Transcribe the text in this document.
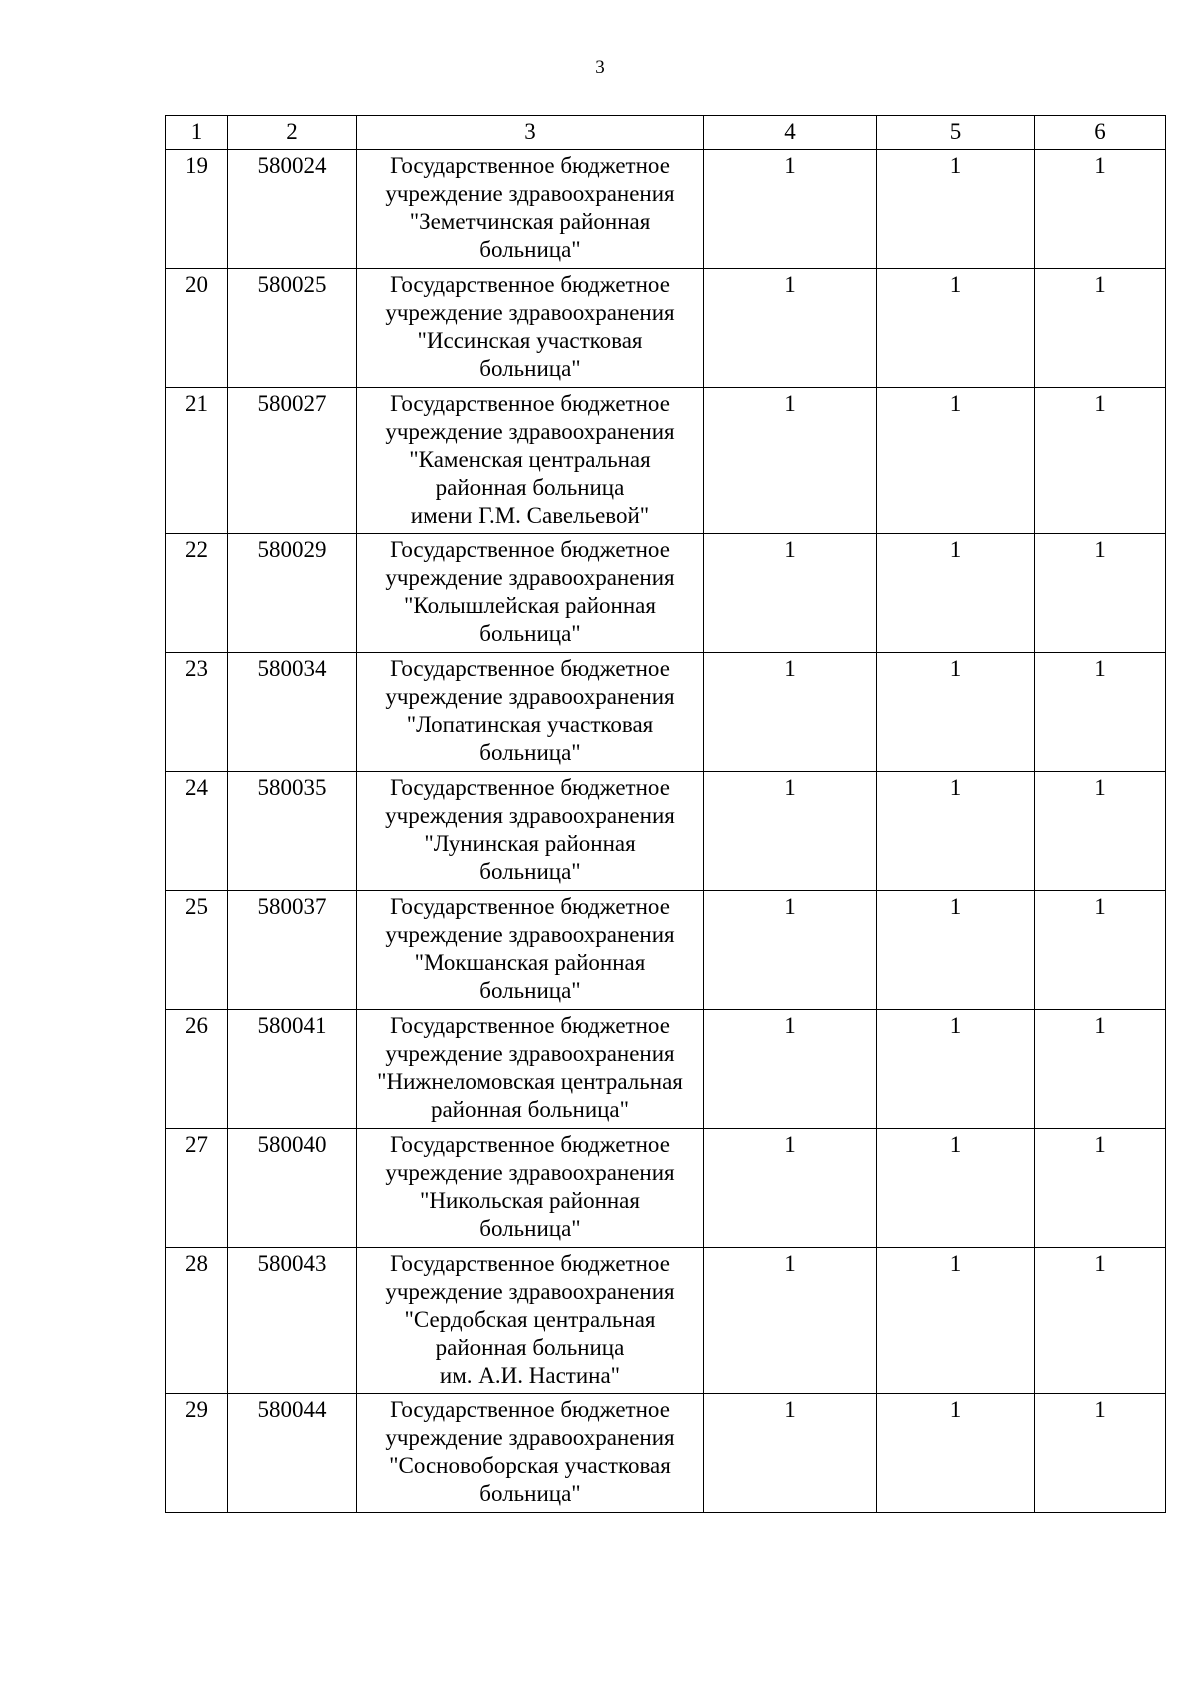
3
1	2	3	4	5	6
19	580024	Государственное бюджетное
учреждение здравоохранения
"Земетчинская районная
больница"	1	1	1
20	580025	Государственное бюджетное
учреждение здравоохранения
"Иссинская участковая
больница"	1	1	1
21	580027	Государственное бюджетное
учреждение здравоохранения
"Каменская центральная
районная больница
имени Г.М. Савельевой"	1	1	1
22	580029	Государственное бюджетное
учреждение здравоохранения
"Колышлейская районная
больница"	1	1	1
23	580034	Государственное бюджетное
учреждение здравоохранения
"Лопатинская участковая
больница"	1	1	1
24	580035	Государственное бюджетное
учреждения здравоохранения
"Лунинская районная
больница"	1	1	1
25	580037	Государственное бюджетное
учреждение здравоохранения
"Мокшанская районная
больница"	1	1	1
26	580041	Государственное бюджетное
учреждение здравоохранения
"Нижнеломовская центральная
районная больница"	1	1	1
27	580040	Государственное бюджетное
учреждение здравоохранения
"Никольская районная
больница"	1	1	1
28	580043	Государственное бюджетное
учреждение здравоохранения
"Сердобская центральная
районная больница
им. А.И. Настина"	1	1	1
29	580044	Государственное бюджетное
учреждение здравоохранения
"Сосновоборская участковая
больница"	1	1	1
